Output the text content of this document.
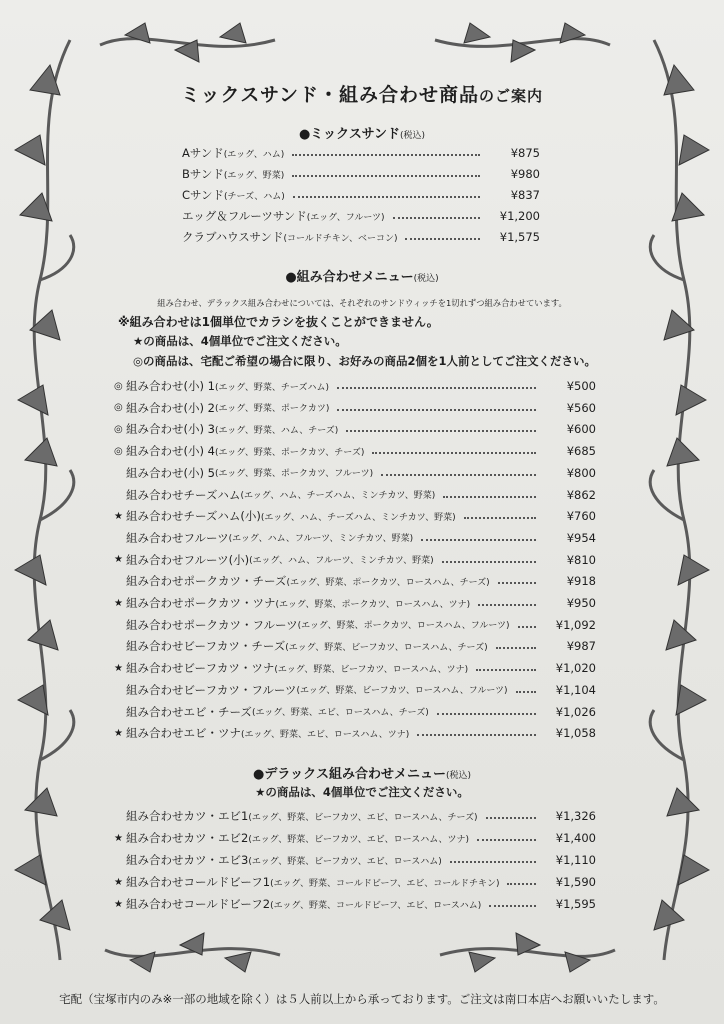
ミックスサンド・組み合わせ商品のご案内
●ミックスサンド(税込)
Aサンド (エッグ、ハム)	¥875
Bサンド (エッグ、野菜)	¥980
Cサンド (チーズ、ハム)	¥837
エッグ＆フルーツサンド (エッグ、フルーツ)	¥1,200
クラブハウスサンド (コールドチキン、ベーコン)	¥1,575
●組み合わせメニュー(税込)
組み合わせ、デラックス組み合わせについては、それぞれのサンドウィッチを1切れずつ組み合わせています。
※組み合わせは1個単位でカラシを抜くことができません。
★の商品は、4個単位でご注文ください。
◎の商品は、宅配ご希望の場合に限り、お好みの商品2個を1人前としてご注文ください。
◎ 組み合わせ(小) 1 (エッグ、野菜、チーズハム)	¥500
◎ 組み合わせ(小) 2 (エッグ、野菜、ポークカツ)	¥560
◎ 組み合わせ(小) 3 (エッグ、野菜、ハム、チーズ)	¥600
◎ 組み合わせ(小) 4 (エッグ、野菜、ポークカツ、チーズ)	¥685
組み合わせ(小) 5 (エッグ、野菜、ポークカツ、フルーツ)	¥800
組み合わせチーズハム (エッグ、ハム、チーズハム、ミンチカツ、野菜)	¥862
★ 組み合わせチーズハム(小) (エッグ、ハム、チーズハム、ミンチカツ、野菜)	¥760
組み合わせフルーツ (エッグ、ハム、フルーツ、ミンチカツ、野菜)	¥954
★ 組み合わせフルーツ(小) (エッグ、ハム、フルーツ、ミンチカツ、野菜)	¥810
組み合わせポークカツ・チーズ (エッグ、野菜、ポークカツ、ロースハム、チーズ)	¥918
★ 組み合わせポークカツ・ツナ (エッグ、野菜、ポークカツ、ロースハム、ツナ)	¥950
組み合わせポークカツ・フルーツ (エッグ、野菜、ポークカツ、ロースハム、フルーツ)	¥1,092
組み合わせビーフカツ・チーズ (エッグ、野菜、ビーフカツ、ロースハム、チーズ)	¥987
★ 組み合わせビーフカツ・ツナ (エッグ、野菜、ビーフカツ、ロースハム、ツナ)	¥1,020
組み合わせビーフカツ・フルーツ (エッグ、野菜、ビーフカツ、ロースハム、フルーツ)	¥1,104
組み合わせエビ・チーズ (エッグ、野菜、エビ、ロースハム、チーズ)	¥1,026
★ 組み合わせエビ・ツナ (エッグ、野菜、エビ、ロースハム、ツナ)	¥1,058
●デラックス組み合わせメニュー(税込)
★の商品は、4個単位でご注文ください。
組み合わせカツ・エビ1 (エッグ、野菜、ビーフカツ、エビ、ロースハム、チーズ)	¥1,326
★ 組み合わせカツ・エビ2 (エッグ、野菜、ビーフカツ、エビ、ロースハム、ツナ)	¥1,400
組み合わせカツ・エビ3 (エッグ、野菜、ビーフカツ、エビ、ロースハム)	¥1,110
★ 組み合わせコールドビーフ1 (エッグ、野菜、コールドビーフ、エビ、コールドチキン)	¥1,590
★ 組み合わせコールドビーフ2 (エッグ、野菜、コールドビーフ、エビ、ロースハム)	¥1,595
宅配（宝塚市内のみ※一部の地域を除く）は５人前以上から承っております。ご注文は南口本店へお願いいたします。
